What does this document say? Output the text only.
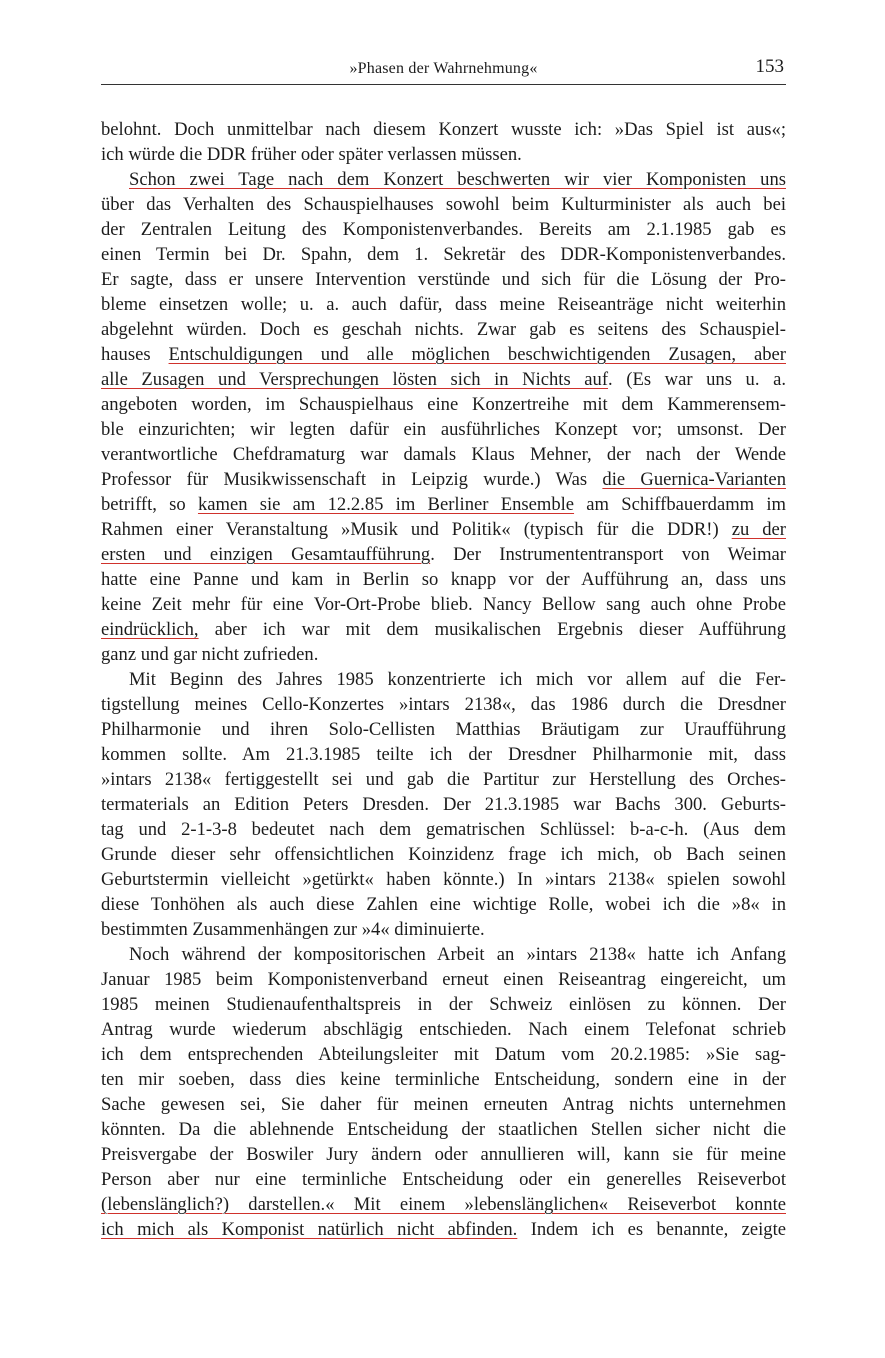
»Phasen der Wahrnehmung«	153
belohnt. Doch unmittelbar nach diesem Konzert wusste ich: »Das Spiel ist aus«;
ich würde die DDR früher oder später verlassen müssen.
Schon zwei Tage nach dem Konzert beschwerten wir vier Komponisten uns
über das Verhalten des Schauspielhauses sowohl beim Kulturminister als auch bei
der Zentralen Leitung des Komponistenverbandes. Bereits am 2.1.1985 gab es
einen Termin bei Dr. Spahn, dem 1. Sekretär des DDR-Komponistenverbandes.
Er sagte, dass er unsere Intervention verstünde und sich für die Lösung der Pro-
bleme einsetzen wolle; u. a. auch dafür, dass meine Reiseanträge nicht weiterhin
abgelehnt würden. Doch es geschah nichts. Zwar gab es seitens des Schauspiel-
hauses Entschuldigungen und alle möglichen beschwichtigenden Zusagen, aber
alle Zusagen und Versprechungen lösten sich in Nichts auf. (Es war uns u. a.
angeboten worden, im Schauspielhaus eine Konzertreihe mit dem Kammerensem-
ble einzurichten; wir legten dafür ein ausführliches Konzept vor; umsonst. Der
verantwortliche Chefdramaturg war damals Klaus Mehner, der nach der Wende
Professor für Musikwissenschaft in Leipzig wurde.) Was die Guernica-Varianten
betrifft, so kamen sie am 12.2.85 im Berliner Ensemble am Schiffbauerdamm im
Rahmen einer Veranstaltung »Musik und Politik« (typisch für die DDR!) zu der
ersten und einzigen Gesamtaufführung. Der Instrumententransport von Weimar
hatte eine Panne und kam in Berlin so knapp vor der Aufführung an, dass uns
keine Zeit mehr für eine Vor-Ort-Probe blieb. Nancy Bellow sang auch ohne Probe
eindrücklich, aber ich war mit dem musikalischen Ergebnis dieser Aufführung
ganz und gar nicht zufrieden.
Mit Beginn des Jahres 1985 konzentrierte ich mich vor allem auf die Fer-
tigstellung meines Cello-Konzertes »intars 2138«, das 1986 durch die Dresdner
Philharmonie und ihren Solo-Cellisten Matthias Bräutigam zur Uraufführung
kommen sollte. Am 21.3.1985 teilte ich der Dresdner Philharmonie mit, dass
»intars 2138« fertiggestellt sei und gab die Partitur zur Herstellung des Orches-
termaterials an Edition Peters Dresden. Der 21.3.1985 war Bachs 300. Geburts-
tag und 2-1-3-8 bedeutet nach dem gematrischen Schlüssel: b-a-c-h. (Aus dem
Grunde dieser sehr offensichtlichen Koinzidenz frage ich mich, ob Bach seinen
Geburtstermin vielleicht »getürkt« haben könnte.) In »intars 2138« spielen sowohl
diese Tonhöhen als auch diese Zahlen eine wichtige Rolle, wobei ich die »8« in
bestimmten Zusammenhängen zur »4« diminuierte.
Noch während der kompositorischen Arbeit an »intars 2138« hatte ich Anfang
Januar 1985 beim Komponistenverband erneut einen Reiseantrag eingereicht, um
1985 meinen Studienaufenthaltspreis in der Schweiz einlösen zu können. Der
Antrag wurde wiederum abschlägig entschieden. Nach einem Telefonat schrieb
ich dem entsprechenden Abteilungsleiter mit Datum vom 20.2.1985: »Sie sag-
ten mir soeben, dass dies keine terminliche Entscheidung, sondern eine in der
Sache gewesen sei, Sie daher für meinen erneuten Antrag nichts unternehmen
könnten. Da die ablehnende Entscheidung der staatlichen Stellen sicher nicht die
Preisvergabe der Boswiler Jury ändern oder annullieren will, kann sie für meine
Person aber nur eine terminliche Entscheidung oder ein generelles Reiseverbot
(lebenslänglich?) darstellen.« Mit einem »lebenslänglichen« Reiseverbot konnte
ich mich als Komponist natürlich nicht abfinden. Indem ich es benannte, zeigte
